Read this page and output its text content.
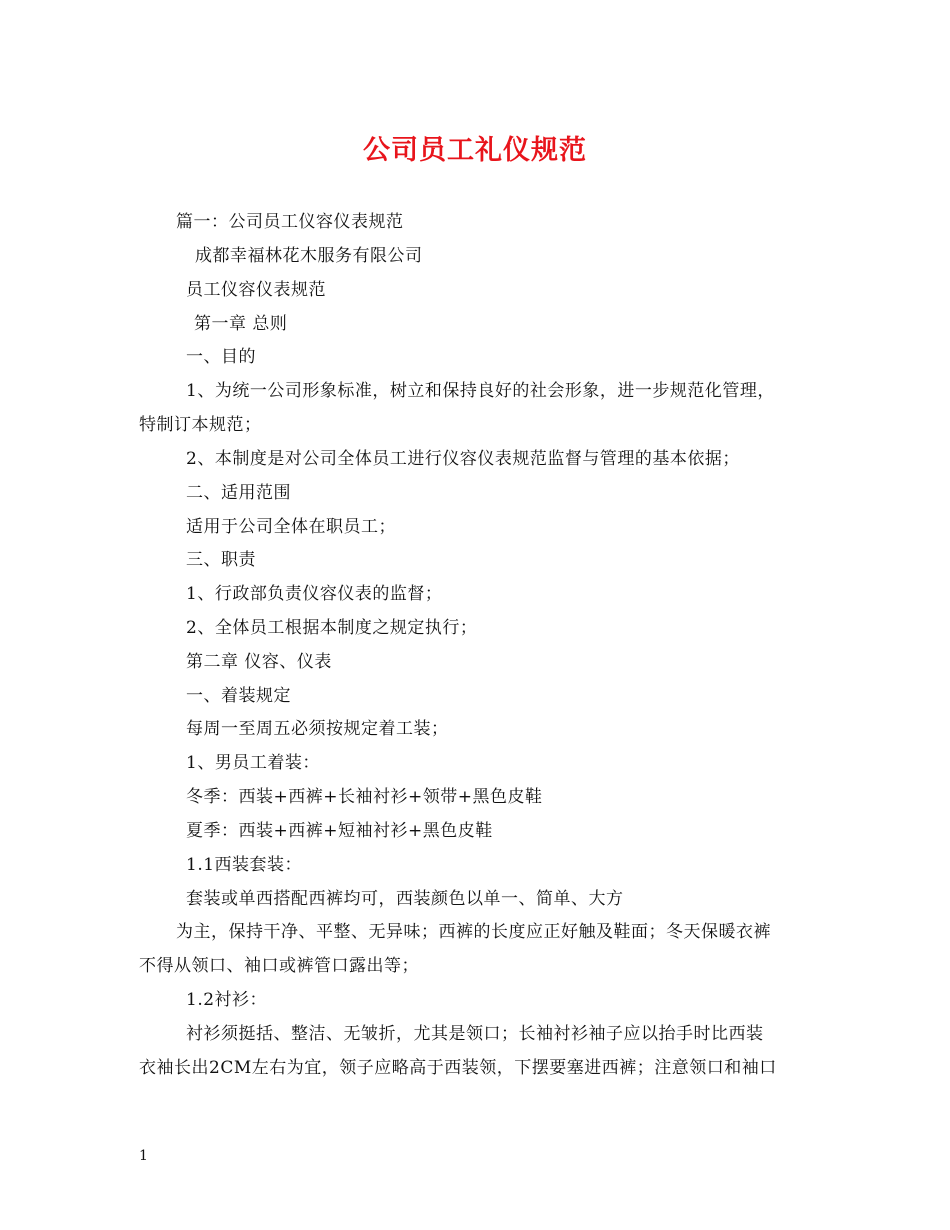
公司员工礼仪规范
篇一：公司员工仪容仪表规范
成都幸福林花木服务有限公司
员工仪容仪表规范
第一章 总则
一、目的
1、为统一公司形象标准，树立和保持良好的社会形象，进一步规范化管理，
特制订本规范；
2、本制度是对公司全体员工进行仪容仪表规范监督与管理的基本依据；
二、适用范围
适用于公司全体在职员工；
三、职责
1、行政部负责仪容仪表的监督；
2、全体员工根据本制度之规定执行；
第二章 仪容、仪表
一、着装规定
每周一至周五必须按规定着工装；
1、男员工着装：
冬季：西装+西裤+长袖衬衫+领带+黑色皮鞋
夏季：西装+西裤+短袖衬衫+黑色皮鞋
1.1西装套装：
套装或单西搭配西裤均可，西装颜色以单一、简单、大方
为主，保持干净、平整、无异味；西裤的长度应正好触及鞋面；冬天保暖衣裤
不得从领口、袖口或裤管口露出等；
1.2衬衫：
衬衫须挺括、整洁、无皱折，尤其是领口；长袖衬衫袖子应以抬手时比西装
衣袖长出2CM左右为宜，领子应略高于西装领，下摆要塞进西裤；注意领口和袖口
1
